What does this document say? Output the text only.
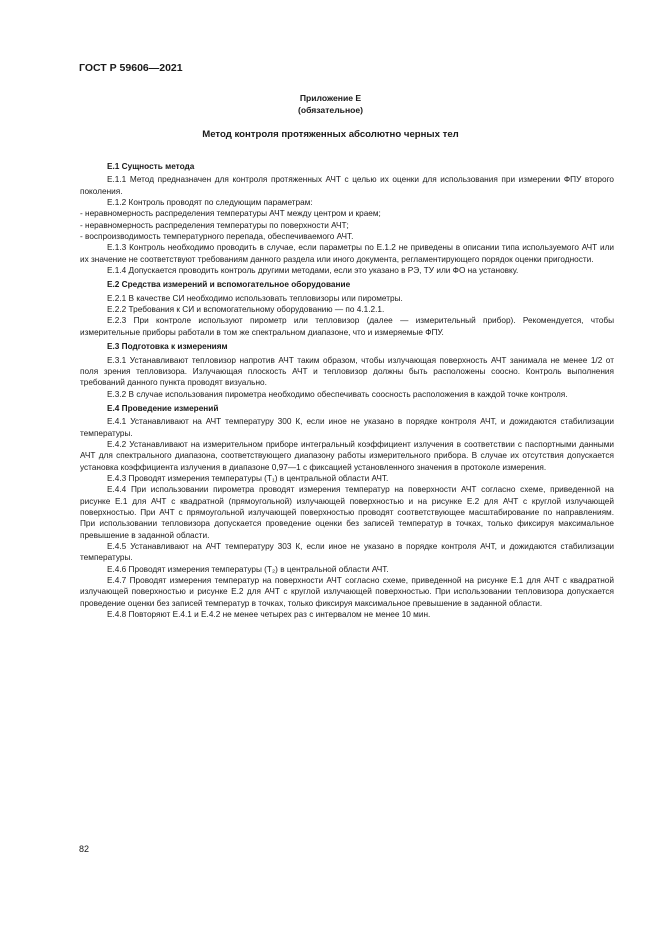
ГОСТ Р 59606—2021
Приложение Е
(обязательное)
Метод контроля протяженных абсолютно черных тел
Е.1 Сущность метода

Е.1.1 Метод предназначен для контроля протяженных АЧТ с целью их оценки для использования при измерении ФПУ второго поколения.

Е.1.2 Контроль проводят по следующим параметрам:

- неравномерность распределения температуры АЧТ между центром и краем;

- неравномерность распределения температуры по поверхности АЧТ;

- воспроизводимость температурного перепада, обеспечиваемого АЧТ.

Е.1.3 Контроль необходимо проводить в случае, если параметры по Е.1.2 не приведены в описании типа используемого АЧТ или их значение не соответствуют требованиям данного раздела или иного документа, регламентирующего порядок оценки пригодности.

Е.1.4 Допускается проводить контроль другими методами, если это указано в РЭ, ТУ или ФО на установку.

Е.2 Средства измерений и вспомогательное оборудование

Е.2.1 В качестве СИ необходимо использовать тепловизоры или пирометры.

Е.2.2 Требования к СИ и вспомогательному оборудованию — по 4.1.2.1.

Е.2.3 При контроле используют пирометр или тепловизор (далее — измерительный прибор). Рекомендуется, чтобы измерительные приборы работали в том же спектральном диапазоне, что и измеряемые ФПУ.

Е.3 Подготовка к измерениям

Е.3.1 Устанавливают тепловизор напротив АЧТ таким образом, чтобы излучающая поверхность АЧТ занимала не менее 1/2 от поля зрения тепловизора. Излучающая плоскость АЧТ и тепловизор должны быть расположены соосно. Контроль выполнения требований данного пункта проводят визуально.

Е.3.2 В случае использования пирометра необходимо обеспечивать соосность расположения в каждой точке контроля.

Е.4 Проведение измерений

Е.4.1 Устанавливают на АЧТ температуру 300 К, если иное не указано в порядке контроля АЧТ, и дожидаются стабилизации температуры.

Е.4.2 Устанавливают на измерительном приборе интегральный коэффициент излучения в соответствии с паспортными данными АЧТ для спектрального диапазона, соответствующего диапазону работы измерительного прибора. В случае их отсутствия допускается установка коэффициента излучения в диапазоне 0,97—1 с фиксацией установленного значения в протоколе измерения.

Е.4.3 Проводят измерения температуры (T₁) в центральной области АЧТ.

Е.4.4 При использовании пирометра проводят измерения температур на поверхности АЧТ согласно схеме, приведенной на рисунке Е.1 для АЧТ с квадратной (прямоугольной) излучающей поверхностью и на рисунке Е.2 для АЧТ с круглой излучающей поверхностью. При АЧТ с прямоугольной излучающей поверхностью проводят соответствующее масштабирование по направлениям. При использовании тепловизора допускается проведение оценки без записей температур в точках, только фиксируя максимальное превышение в заданной области.

Е.4.5 Устанавливают на АЧТ температуру 303 К, если иное не указано в порядке контроля АЧТ, и дожидаются стабилизации температуры.

Е.4.6 Проводят измерения температуры (T₂) в центральной области АЧТ.

Е.4.7 Проводят измерения температур на поверхности АЧТ согласно схеме, приведенной на рисунке Е.1 для АЧТ с квадратной излучающей поверхностью и рисунке Е.2 для АЧТ с круглой излучающей поверхностью. При использовании тепловизора допускается проведение оценки без записей температур в точках, только фиксируя максимальное превышение в заданной области.

Е.4.8 Повторяют Е.4.1 и Е.4.2 не менее четырех раз с интервалом не менее 10 мин.

82
